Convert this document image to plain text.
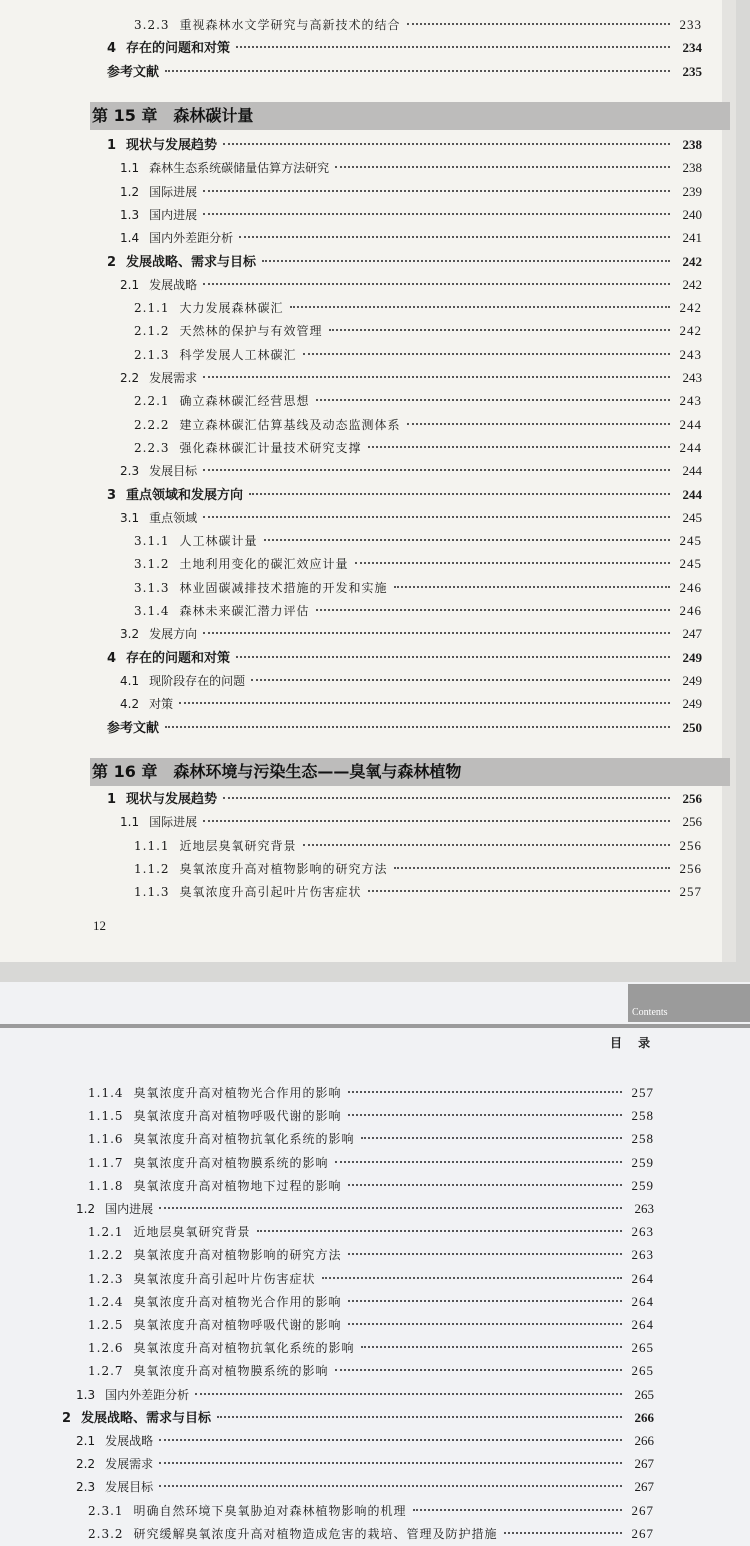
3.2.3 重视森林水文学研究与高新技术的结合	233
4 存在的问题和对策	234
参考文献	235
第 15 章 森林碳计量
1 现状与发展趋势	238
1.1 森林生态系统碳储量估算方法研究	238
1.2 国际进展	239
1.3 国内进展	240
1.4 国内外差距分析	241
2 发展战略、需求与目标	242
2.1 发展战略	242
2.1.1 大力发展森林碳汇	242
2.1.2 天然林的保护与有效管理	242
2.1.3 科学发展人工林碳汇	243
2.2 发展需求	243
2.2.1 确立森林碳汇经营思想	243
2.2.2 建立森林碳汇估算基线及动态监测体系	244
2.2.3 强化森林碳汇计量技术研究支撑	244
2.3 发展目标	244
3 重点领域和发展方向	244
3.1 重点领域	245
3.1.1 人工林碳计量	245
3.1.2 土地利用变化的碳汇效应计量	245
3.1.3 林业固碳减排技术措施的开发和实施	246
3.1.4 森林未来碳汇潜力评估	246
3.2 发展方向	247
4 存在的问题和对策	249
4.1 现阶段存在的问题	249
4.2 对策	249
参考文献	250
第 16 章 森林环境与污染生态——臭氧与森林植物
1 现状与发展趋势	256
1.1 国际进展	256
1.1.1 近地层臭氧研究背景	256
1.1.2 臭氧浓度升高对植物影响的研究方法	256
1.1.3 臭氧浓度升高引起叶片伤害症状	257
12
Contents
目 录
1.1.4 臭氧浓度升高对植物光合作用的影响	257
1.1.5 臭氧浓度升高对植物呼吸代谢的影响	258
1.1.6 臭氧浓度升高对植物抗氧化系统的影响	258
1.1.7 臭氧浓度升高对植物膜系统的影响	259
1.1.8 臭氧浓度升高对植物地下过程的影响	259
1.2 国内进展	263
1.2.1 近地层臭氧研究背景	263
1.2.2 臭氧浓度升高对植物影响的研究方法	263
1.2.3 臭氧浓度升高引起叶片伤害症状	264
1.2.4 臭氧浓度升高对植物光合作用的影响	264
1.2.5 臭氧浓度升高对植物呼吸代谢的影响	264
1.2.6 臭氧浓度升高对植物抗氧化系统的影响	265
1.2.7 臭氧浓度升高对植物膜系统的影响	265
1.3 国内外差距分析	265
2 发展战略、需求与目标	266
2.1 发展战略	266
2.2 发展需求	267
2.3 发展目标	267
2.3.1 明确自然环境下臭氧胁迫对森林植物影响的机理	267
2.3.2 研究缓解臭氧浓度升高对植物造成危害的栽培、管理及防护措施	267
